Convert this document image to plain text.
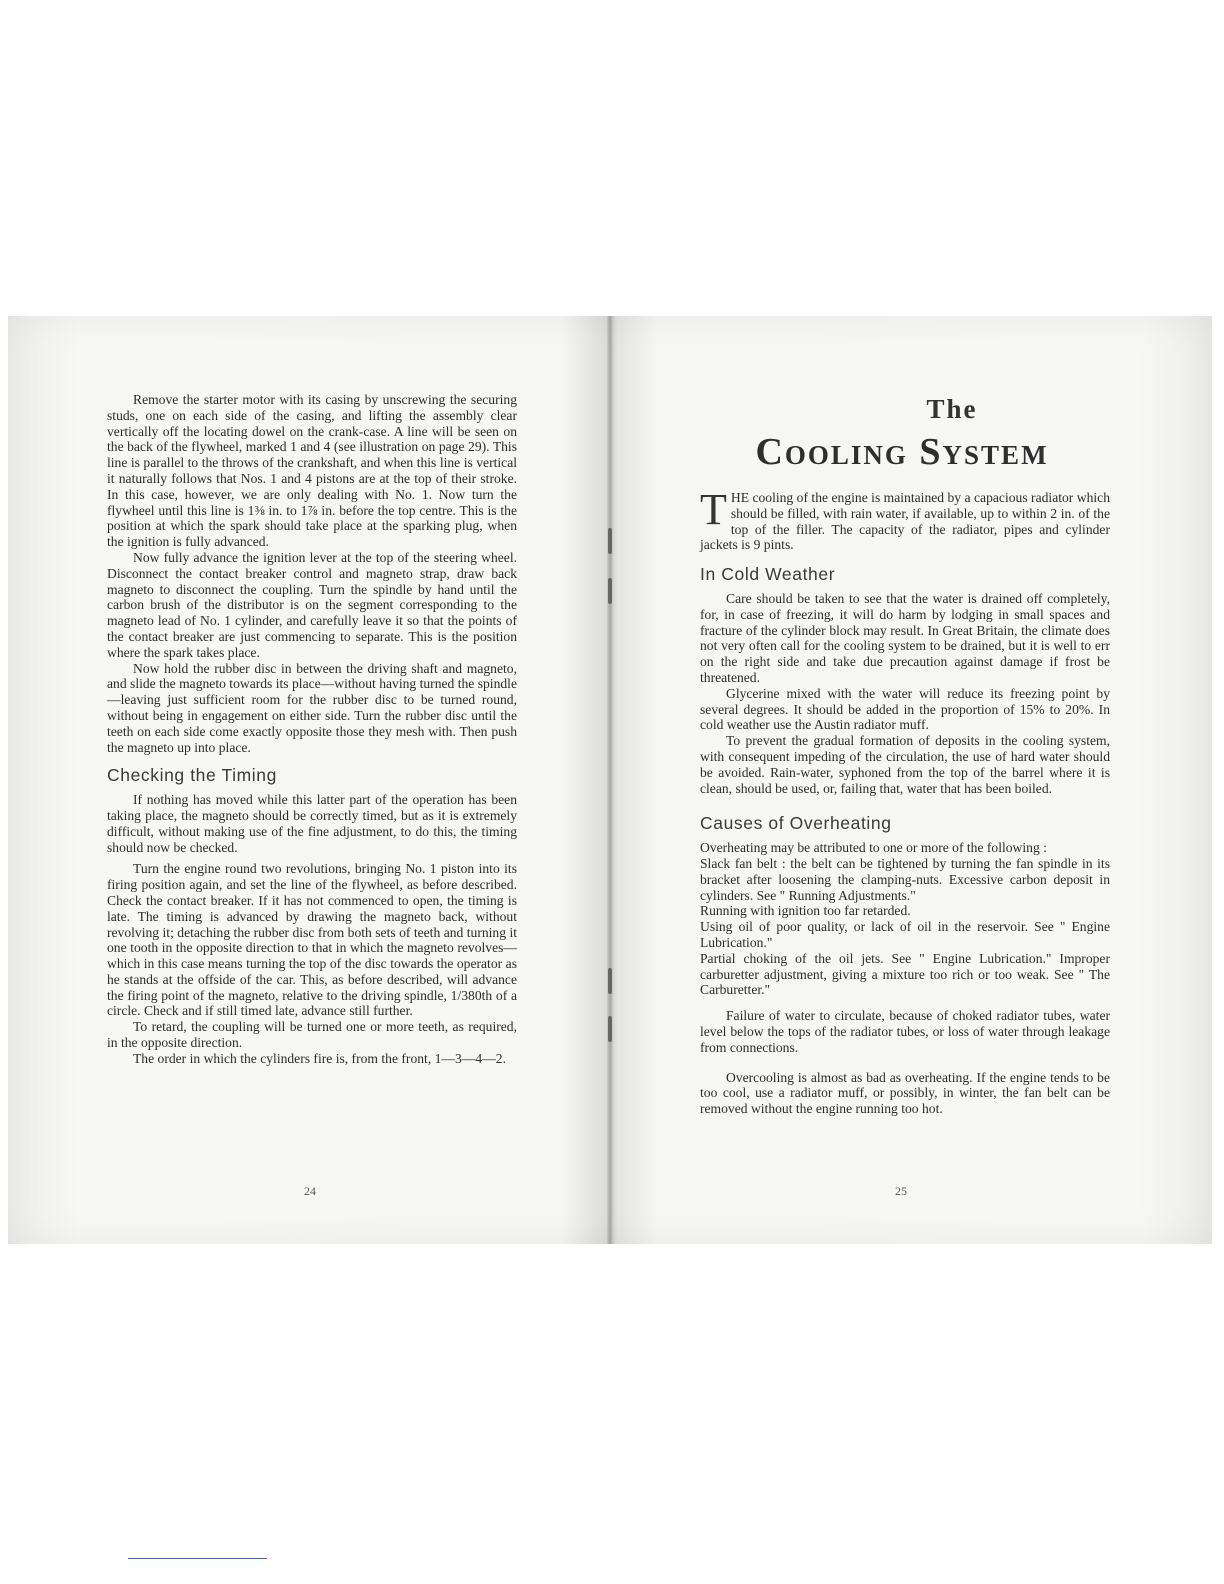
Remove the starter motor with its casing by unscrewing the securing studs, one on each side of the casing, and lifting the assembly clear vertically off the locating dowel on the crank-case. A line will be seen on the back of the flywheel, marked 1 and 4 (see illustration on page 29). This line is parallel to the throws of the crankshaft, and when this line is vertical it naturally follows that Nos. 1 and 4 pistons are at the top of their stroke. In this case, however, we are only dealing with No. 1. Now turn the flywheel until this line is 1⅜ in. to 1⅞ in. before the top centre. This is the position at which the spark should take place at the sparking plug, when the ignition is fully advanced.

Now fully advance the ignition lever at the top of the steering wheel. Disconnect the contact breaker control and magneto strap, draw back magneto to disconnect the coupling. Turn the spindle by hand until the carbon brush of the distributor is on the segment corresponding to the magneto lead of No. 1 cylinder, and carefully leave it so that the points of the contact breaker are just commencing to separate. This is the position where the spark takes place.

Now hold the rubber disc in between the driving shaft and magneto, and slide the magneto towards its place—without having turned the spindle—leaving just sufficient room for the rubber disc to be turned round, without being in engagement on either side. Turn the rubber disc until the teeth on each side come exactly opposite those they mesh with. Then push the magneto up into place.

Checking the Timing

If nothing has moved while this latter part of the operation has been taking place, the magneto should be correctly timed, but as it is extremely difficult, without making use of the fine adjustment, to do this, the timing should now be checked.

Turn the engine round two revolutions, bringing No. 1 piston into its firing position again, and set the line of the flywheel, as before described. Check the contact breaker. If it has not commenced to open, the timing is late. The timing is advanced by drawing the magneto back, without revolving it; detaching the rubber disc from both sets of teeth and turning it one tooth in the opposite direction to that in which the magneto revolves—which in this case means turning the top of the disc towards the operator as he stands at the offside of the car. This, as before described, will advance the firing point of the magneto, relative to the driving spindle, 1/380th of a circle. Check and if still timed late, advance still further.

To retard, the coupling will be turned one or more teeth, as required, in the opposite direction.

The order in which the cylinders fire is, from the front, 1—3—4—2.

24
The
Cooling System

THE cooling of the engine is maintained by a capacious radiator which should be filled, with rain water, if available, up to within 2 in. of the top of the filler. The capacity of the radiator, pipes and cylinder jackets is 9 pints.

In Cold Weather

Care should be taken to see that the water is drained off completely, for, in case of freezing, it will do harm by lodging in small spaces and fracture of the cylinder block may result. In Great Britain, the climate does not very often call for the cooling system to be drained, but it is well to err on the right side and take due precaution against damage if frost be threatened.

Glycerine mixed with the water will reduce its freezing point by several degrees. It should be added in the proportion of 15% to 20%. In cold weather use the Austin radiator muff.

To prevent the gradual formation of deposits in the cooling system, with consequent impeding of the circulation, the use of hard water should be avoided. Rain-water, syphoned from the top of the barrel where it is clean, should be used, or, failing that, water that has been boiled.

Causes of Overheating

Overheating may be attributed to one or more of the following :

Slack fan belt : the belt can be tightened by turning the fan spindle in its bracket after loosening the clamping-nuts. Excessive carbon deposit in cylinders. See " Running Adjustments."

Running with ignition too far retarded.

Using oil of poor quality, or lack of oil in the reservoir. See " Engine Lubrication."

Partial choking of the oil jets. See " Engine Lubrication." Improper carburetter adjustment, giving a mixture too rich or too weak. See " The Carburetter."

Failure of water to circulate, because of choked radiator tubes, water level below the tops of the radiator tubes, or loss of water through leakage from connections.

Overcooling is almost as bad as overheating. If the engine tends to be too cool, use a radiator muff, or possibly, in winter, the fan belt can be removed without the engine running too hot.

25
